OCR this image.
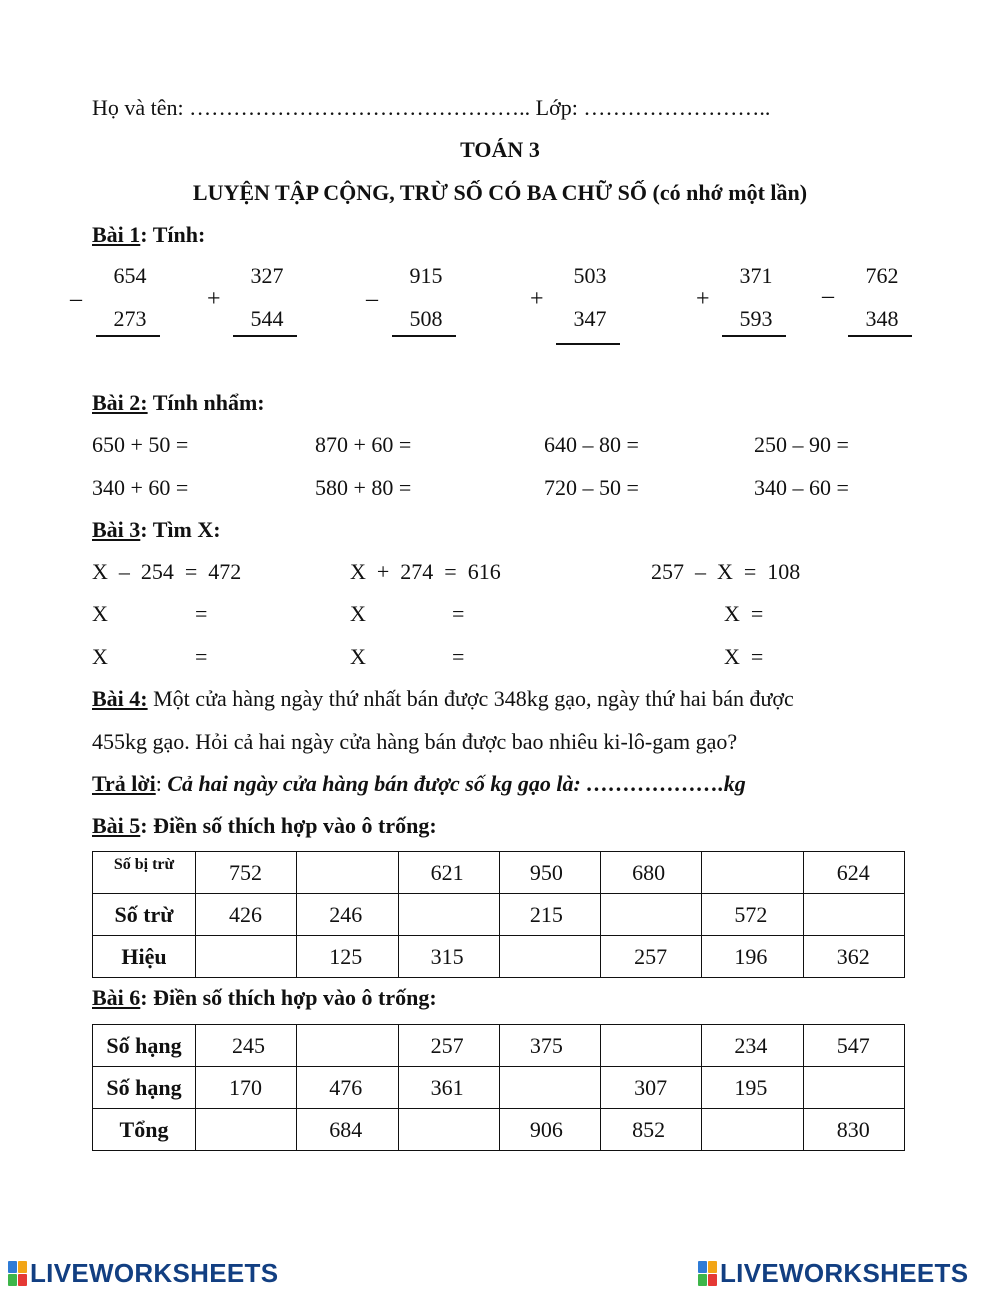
Họ và tên: ……………………………………….. Lớp: ……………………..
TOÁN 3
LUYỆN TẬP CỘNG, TRỪ SỐ CÓ BA CHỮ SỐ (có nhớ một lần)
Bài 1: Tính:
654
–
273
327
+
544
915
–
508
503
+
347
371
+
593
762
–
348
Bài 2: Tính nhẩm:
650 + 50 =	870 + 60 =	640 – 80 =	250 – 90 =
340 + 60 =	580 + 80 =	720 – 50 =	340 – 60 =
Bài 3: Tìm X:
X  –  254  =  472	X  +  274  =  616	257  –  X  =  108
X	=	X	=	X  =
X	=	X	=	X  =
Bài 4: Một cửa hàng ngày thứ nhất bán được 348kg gạo, ngày thứ hai bán được
455kg gạo. Hỏi cả hai ngày cửa hàng bán được bao nhiêu ki-lô-gam gạo?
Trả lời: Cả hai ngày cửa hàng bán được số kg gạo là: ……………….kg
Bài 5: Điền số thích hợp vào ô trống:
Số bị trừ	752		621	950	680		624
Số trừ	426	246		215		572	
Hiệu		125	315		257	196	362
Bài 6: Điền số thích hợp vào ô trống:
Số hạng	245		257	375		234	547
Số hạng	170	476	361		307	195	
Tổng		684		906	852		830
LIVEWORKSHEETS	LIVEWORKSHEETS
